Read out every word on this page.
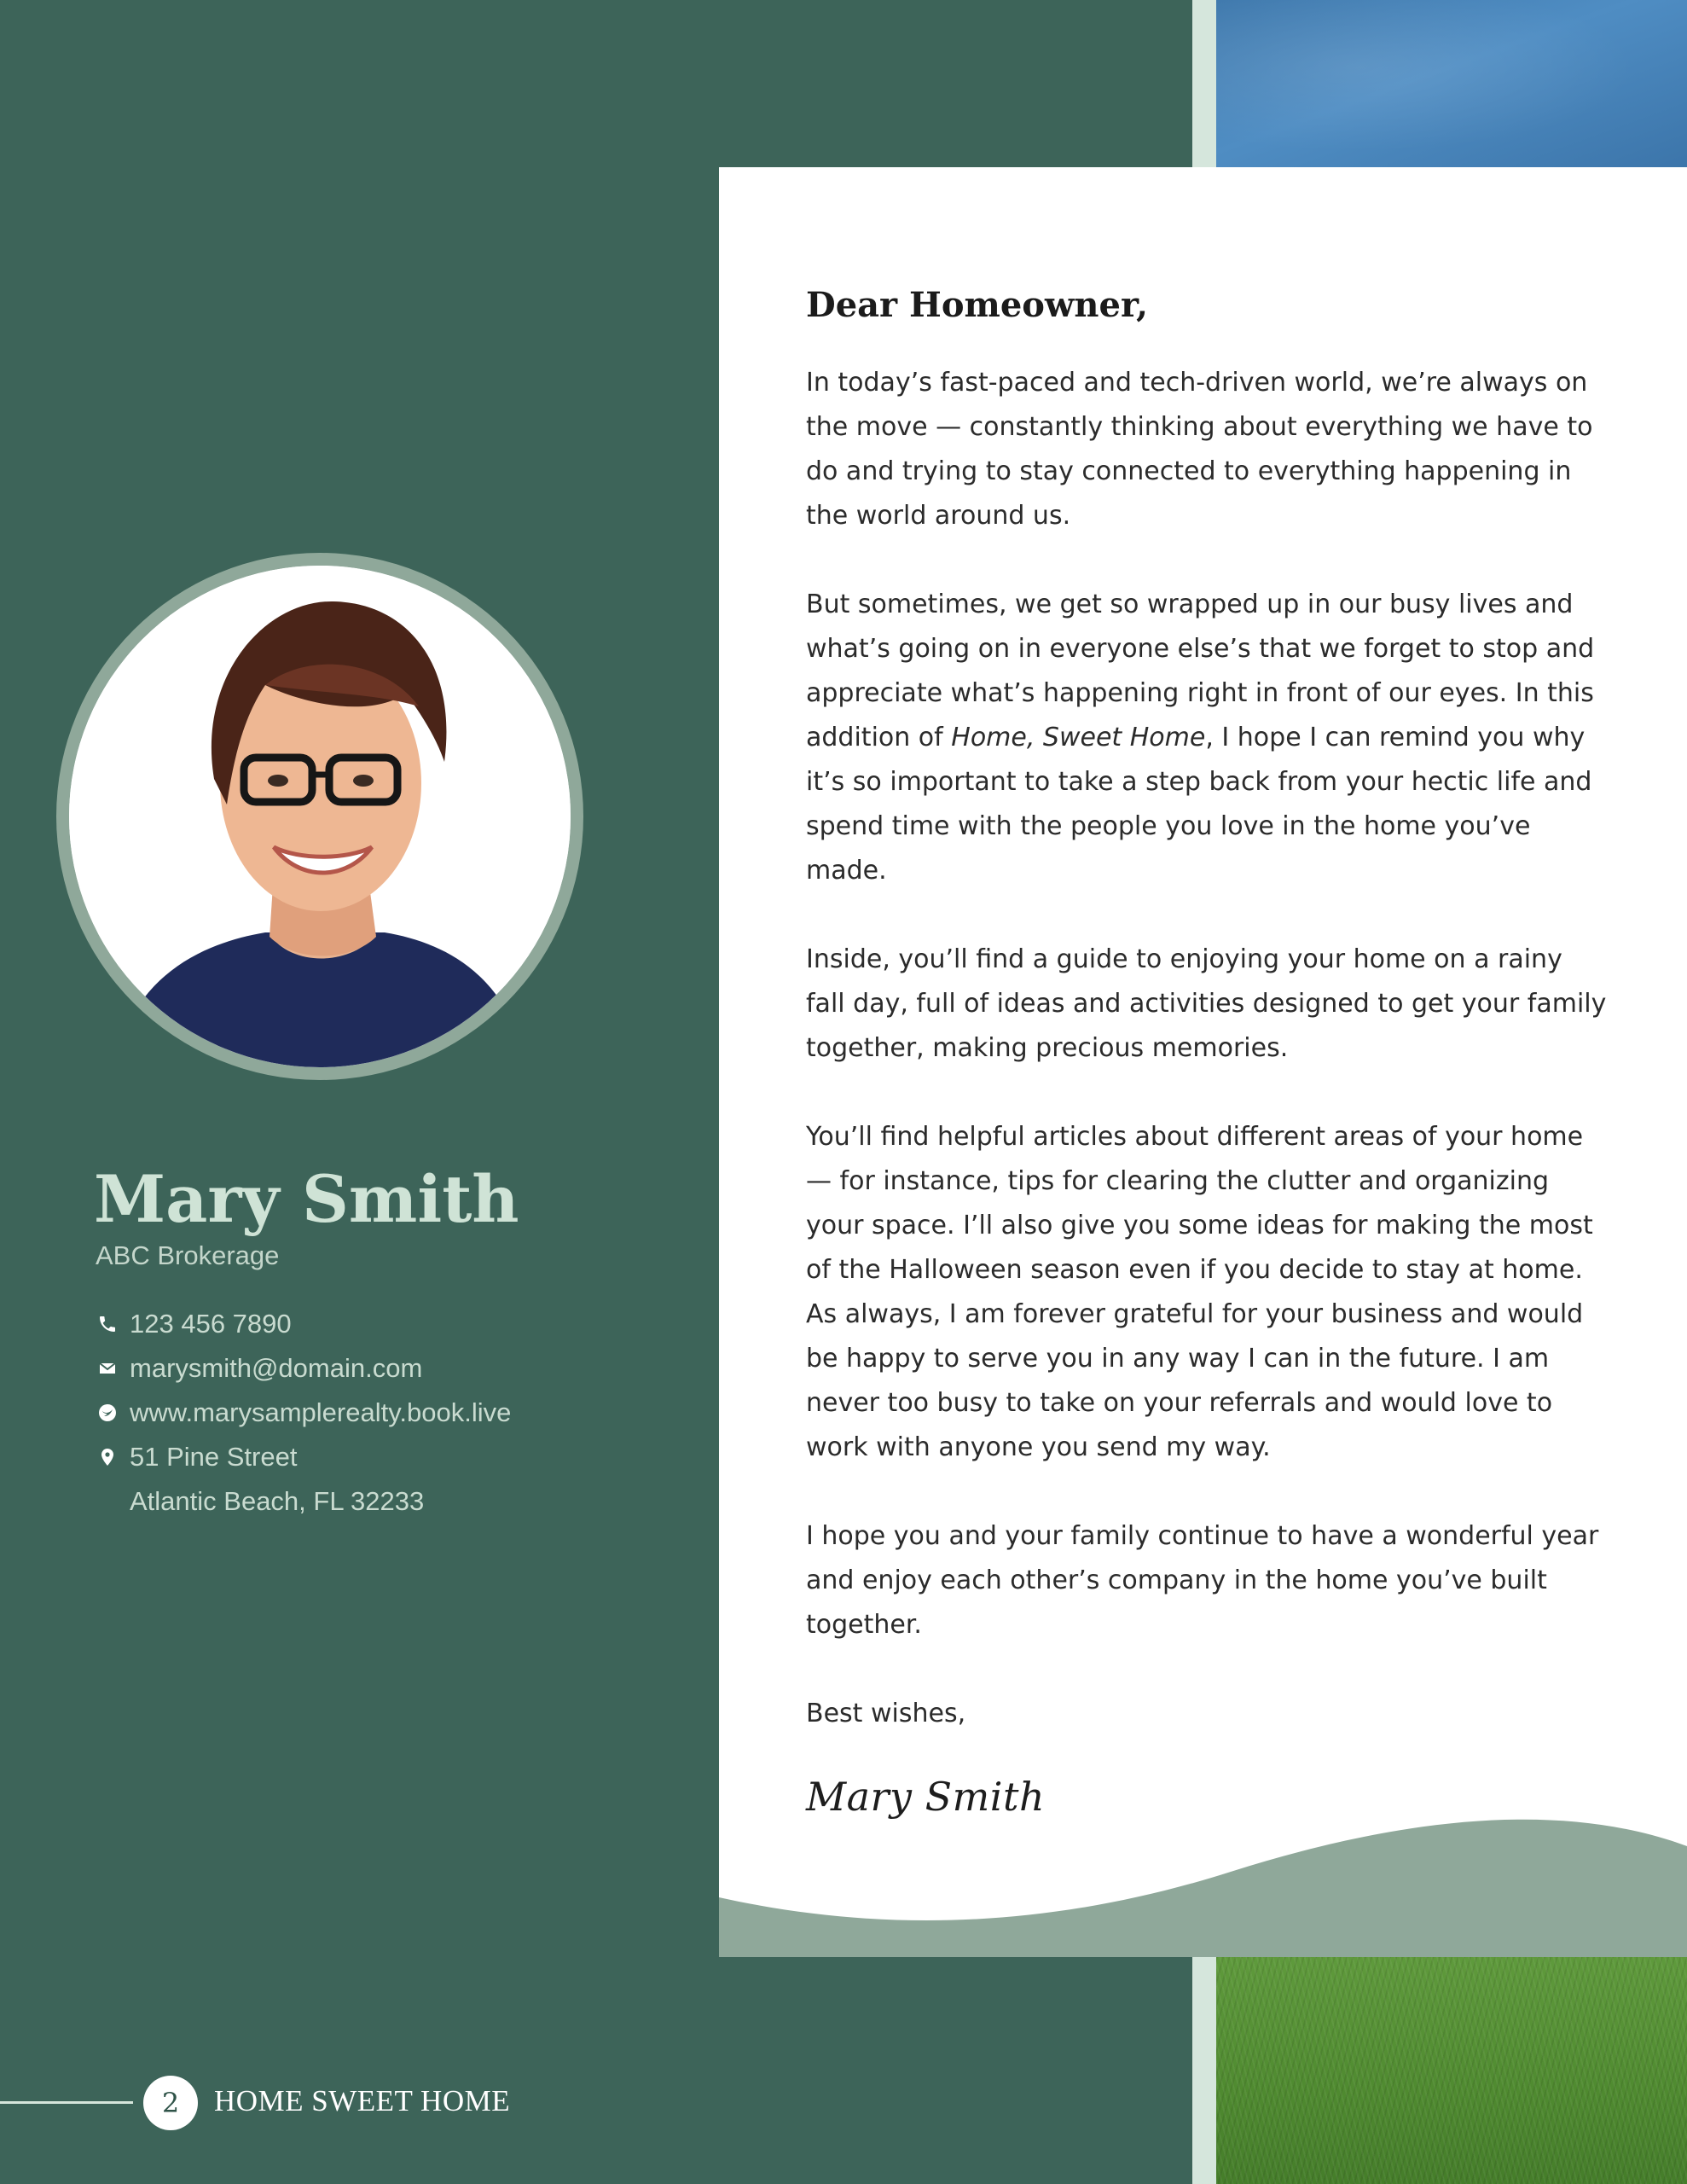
Dear Homeowner,

In today’s fast-paced and tech-driven world, we’re always on the move — constantly thinking about everything we have to do and trying to stay connected to everything happening in the world around us.

But sometimes, we get so wrapped up in our busy lives and what’s going on in everyone else’s that we forget to stop and appreciate what’s happening right in front of our eyes. In this addition of Home, Sweet Home, I hope I can remind you why it’s so important to take a step back from your hectic life and spend time with the people you love in the home you’ve made.

Inside, you’ll find a guide to enjoying your home on a rainy fall day, full of ideas and activities designed to get your family together, making precious memories.

You’ll find helpful articles about different areas of your home — for instance, tips for clearing the clutter and organizing your space. I’ll also give you some ideas for making the most of the Halloween season even if you decide to stay at home. As always, I am forever grateful for your business and would be happy to serve you in any way I can in the future. I am never too busy to take on your referrals and would love to work with anyone you send my way.

I hope you and your family continue to have a wonderful year and enjoy each other’s company in the home you’ve built together.

Best wishes,

Mary Smith
Mary Smith
ABC Brokerage
123 456 7890
marysmith@domain.com
www.marysamplerealty.book.live
51 Pine Street
Atlantic Beach, FL 32233
2	HOME SWEET HOME
